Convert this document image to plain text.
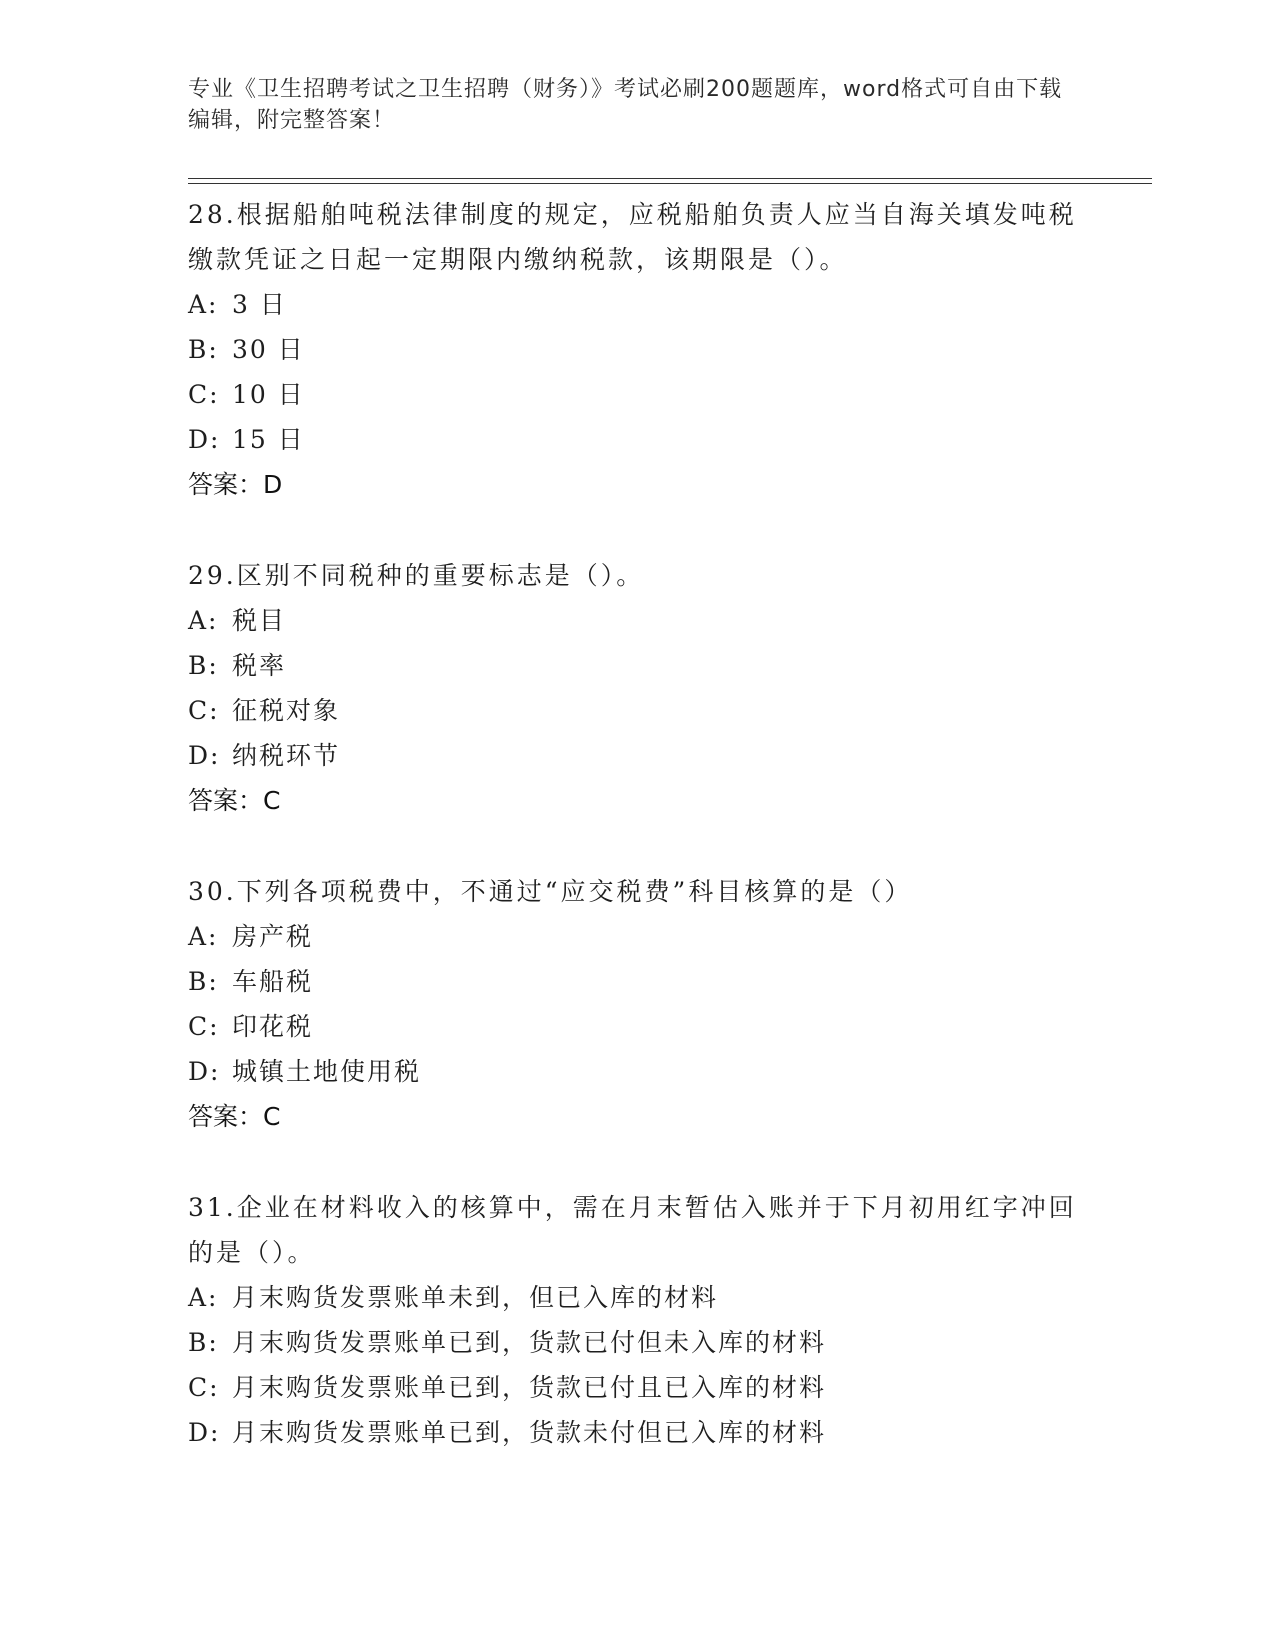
专业《卫生招聘考试之卫生招聘（财务）》考试必刷200题题库，word格式可自由下载编辑，附完整答案！
28.根据船舶吨税法律制度的规定，应税船舶负责人应当自海关填发吨税缴款凭证之日起一定期限内缴纳税款，该期限是（）。
A: 3 日
B: 30 日
C: 10 日
D: 15 日
答案：D
29.区别不同税种的重要标志是（）。
A: 税目
B: 税率
C: 征税对象
D: 纳税环节
答案：C
30.下列各项税费中，不通过“应交税费”科目核算的是（）
A: 房产税
B: 车船税
C: 印花税
D: 城镇土地使用税
答案：C
31.企业在材料收入的核算中，需在月末暂估入账并于下月初用红字冲回的是（）。
A: 月末购货发票账单未到，但已入库的材料
B: 月末购货发票账单已到，货款已付但未入库的材料
C: 月末购货发票账单已到，货款已付且已入库的材料
D: 月末购货发票账单已到，货款未付但已入库的材料
